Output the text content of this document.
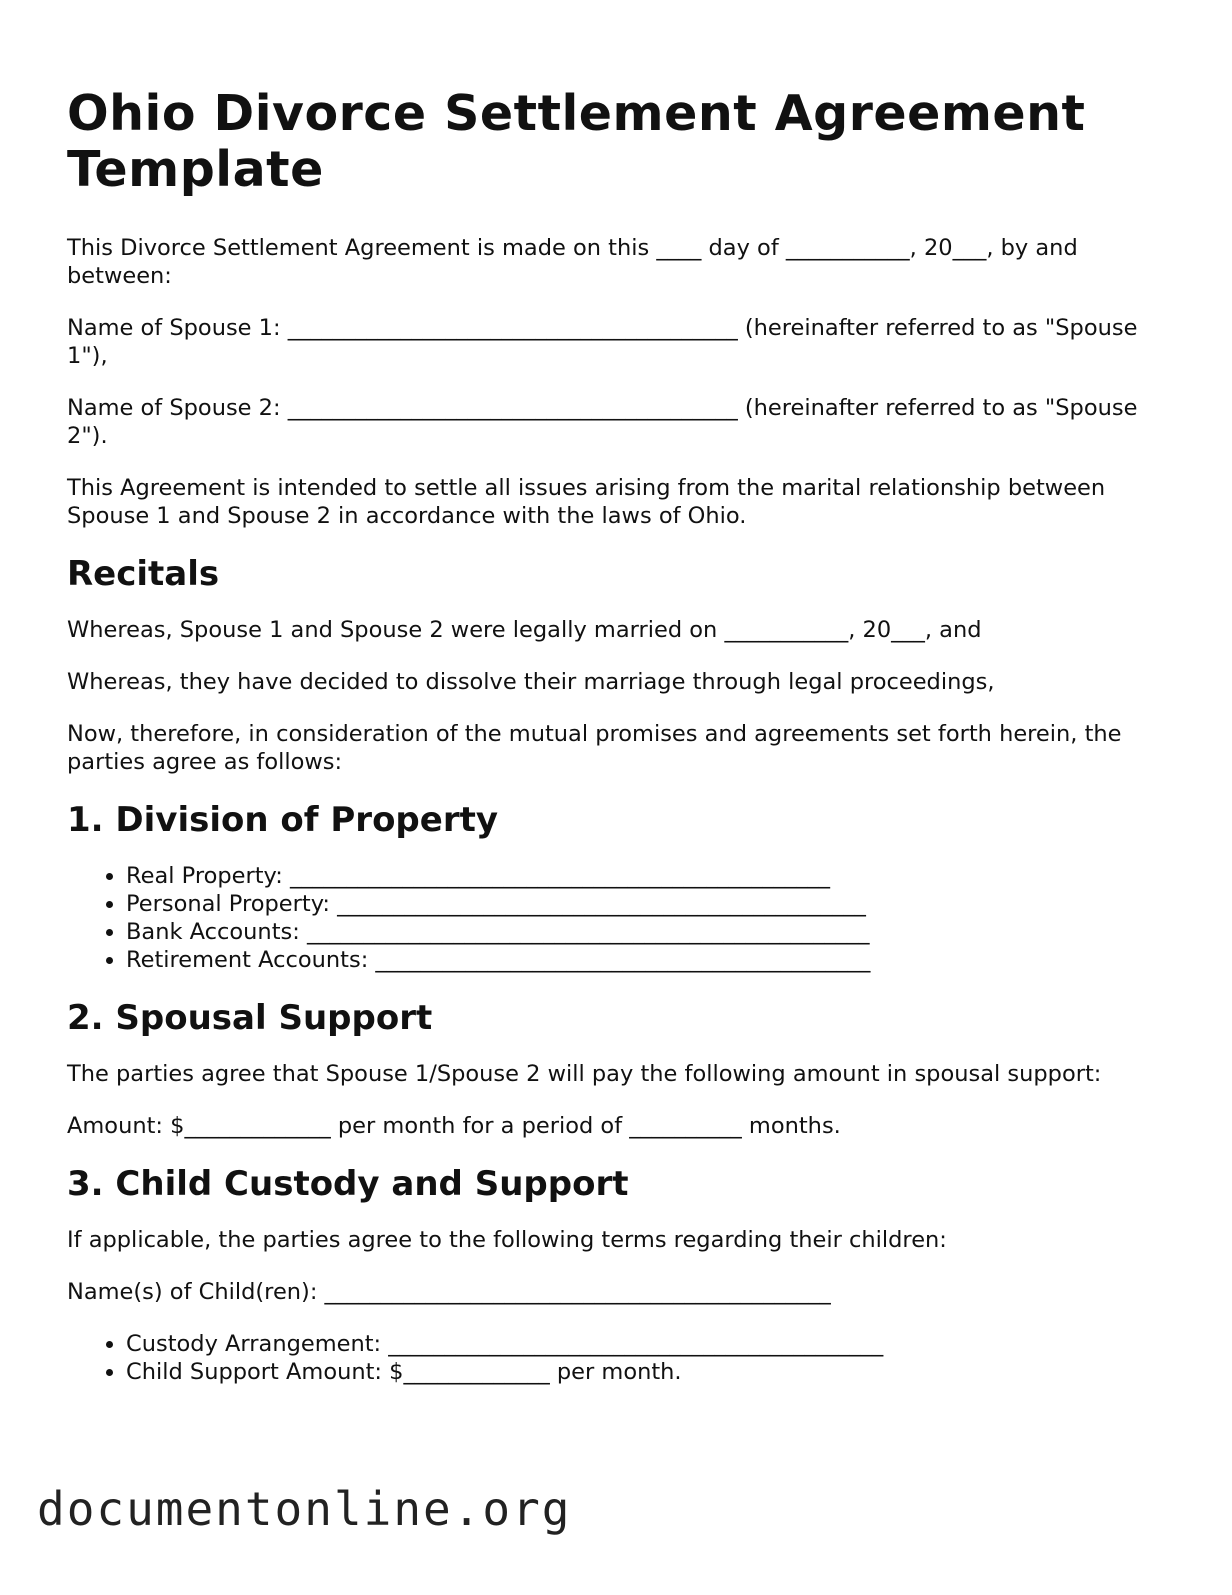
Ohio Divorce Settlement Agreement Template

This Divorce Settlement Agreement is made on this ____ day of ___________, 20___, by and between:

Name of Spouse 1: ________________________________________ (hereinafter referred to as "Spouse 1"),

Name of Spouse 2: ________________________________________ (hereinafter referred to as "Spouse 2").

This Agreement is intended to settle all issues arising from the marital relationship between Spouse 1 and Spouse 2 in accordance with the laws of Ohio.

Recitals

Whereas, Spouse 1 and Spouse 2 were legally married on ___________, 20___, and

Whereas, they have decided to dissolve their marriage through legal proceedings,

Now, therefore, in consideration of the mutual promises and agreements set forth herein, the parties agree as follows:

1. Division of Property
• Real Property: ________________________________________________
• Personal Property: _______________________________________________
• Bank Accounts: __________________________________________________
• Retirement Accounts: ____________________________________________
2. Spousal Support

The parties agree that Spouse 1/Spouse 2 will pay the following amount in spousal support:

Amount: $_____________ per month for a period of __________ months.

3. Child Custody and Support

If applicable, the parties agree to the following terms regarding their children:

Name(s) of Child(ren): _____________________________________________

• Custody Arrangement: ____________________________________________
• Child Support Amount: $_____________ per month.
documentonline.org
